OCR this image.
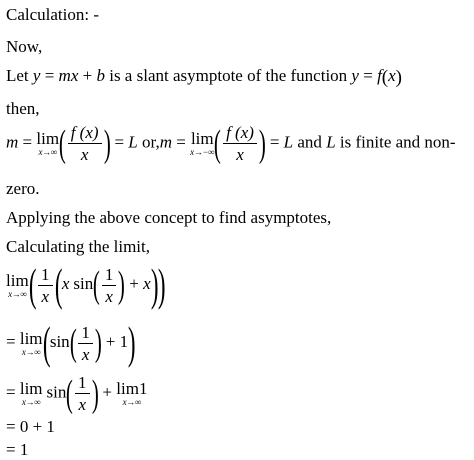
Calculation: -
Now,
Let y = mx + b is a slant asymptote of the function y = f(x)
then,
m = lim
x→∞ ( $\frac{f (x)}{x}$ ) = L or,m = lim
x→−∞ ( $\frac{f (x)}{x}$ ) = L and L is finite and non-
zero.
Applying the above concept to find asymptotes,
Calculating the limit,
lim
x→∞ ( $\frac{1}{x} (x$ $\sin( \frac{1}{x}$ ) + x))
= lim
x→∞ ($\sin( \frac{1}{x}$ ) + 1)
= lim
x→∞
$\sin( \frac{1}{x}$ ) + lim1
x→∞
= 0 + 1
= 1
